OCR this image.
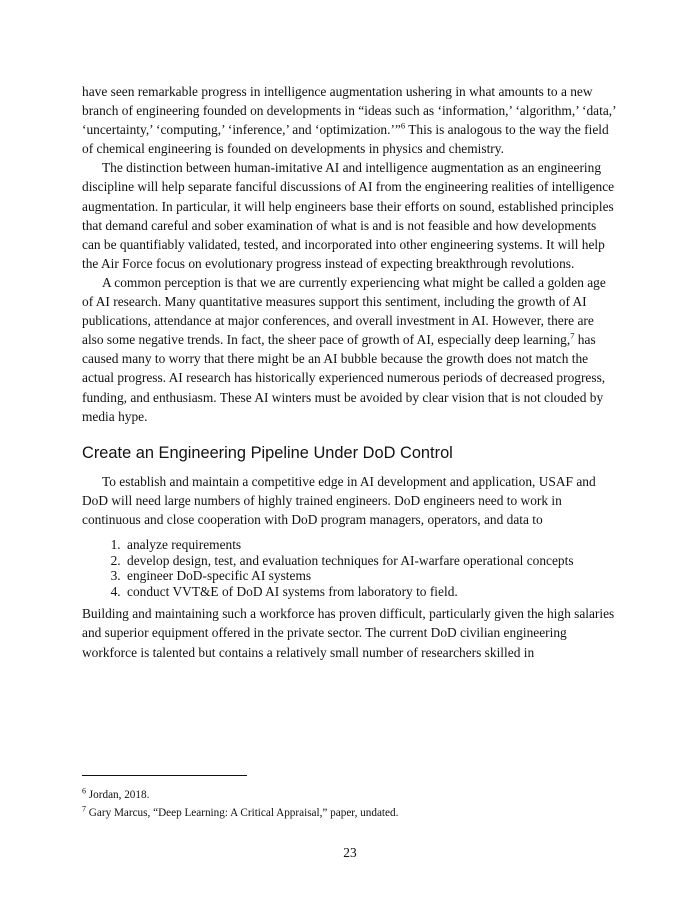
have seen remarkable progress in intelligence augmentation ushering in what amounts to a new branch of engineering founded on developments in “ideas such as ‘information,’ ‘algorithm,’ ‘data,’ ‘uncertainty,’ ‘computing,’ ‘inference,’ and ‘optimization.’”$^6$ This is analogous to the way the field of chemical engineering is founded on developments in physics and chemistry.

The distinction between human-imitative AI and intelligence augmentation as an engineering discipline will help separate fanciful discussions of AI from the engineering realities of intelligence augmentation. In particular, it will help engineers base their efforts on sound, established principles that demand careful and sober examination of what is and is not feasible and how developments can be quantifiably validated, tested, and incorporated into other engineering systems. It will help the Air Force focus on evolutionary progress instead of expecting breakthrough revolutions.

A common perception is that we are currently experiencing what might be called a golden age of AI research. Many quantitative measures support this sentiment, including the growth of AI publications, attendance at major conferences, and overall investment in AI. However, there are also some negative trends. In fact, the sheer pace of growth of AI, especially deep learning,$^7$ has caused many to worry that there might be an AI bubble because the growth does not match the actual progress. AI research has historically experienced numerous periods of decreased progress, funding, and enthusiasm. These AI winters must be avoided by clear vision that is not clouded by media hype.

Create an Engineering Pipeline Under DoD Control

To establish and maintain a competitive edge in AI development and application, USAF and DoD will need large numbers of highly trained engineers. DoD engineers need to work in continuous and close cooperation with DoD program managers, operators, and data to

1. analyze requirements
2. develop design, test, and evaluation techniques for AI-warfare operational concepts
3. engineer DoD-specific AI systems
4. conduct VVT&E of DoD AI systems from laboratory to field.

Building and maintaining such a workforce has proven difficult, particularly given the high salaries and superior equipment offered in the private sector. The current DoD civilian engineering workforce is talented but contains a relatively small number of researchers skilled in

$^6$ Jordan, 2018.
$^7$ Gary Marcus, “Deep Learning: A Critical Appraisal,” paper, undated.
23
